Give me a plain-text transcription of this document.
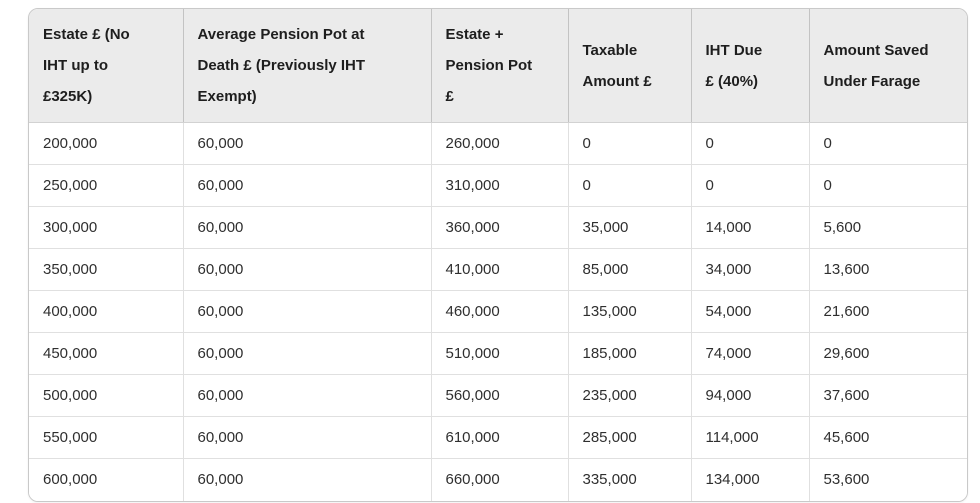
Estate £ (No IHT up to £325K)	Average Pension Pot at Death £ (Previously IHT Exempt)	Estate + Pension Pot £	Taxable Amount £	IHT Due £ (40%)	Amount Saved Under Farage
200,000	60,000	260,000	0	0	0
250,000	60,000	310,000	0	0	0
300,000	60,000	360,000	35,000	14,000	5,600
350,000	60,000	410,000	85,000	34,000	13,600
400,000	60,000	460,000	135,000	54,000	21,600
450,000	60,000	510,000	185,000	74,000	29,600
500,000	60,000	560,000	235,000	94,000	37,600
550,000	60,000	610,000	285,000	114,000	45,600
600,000	60,000	660,000	335,000	134,000	53,600
